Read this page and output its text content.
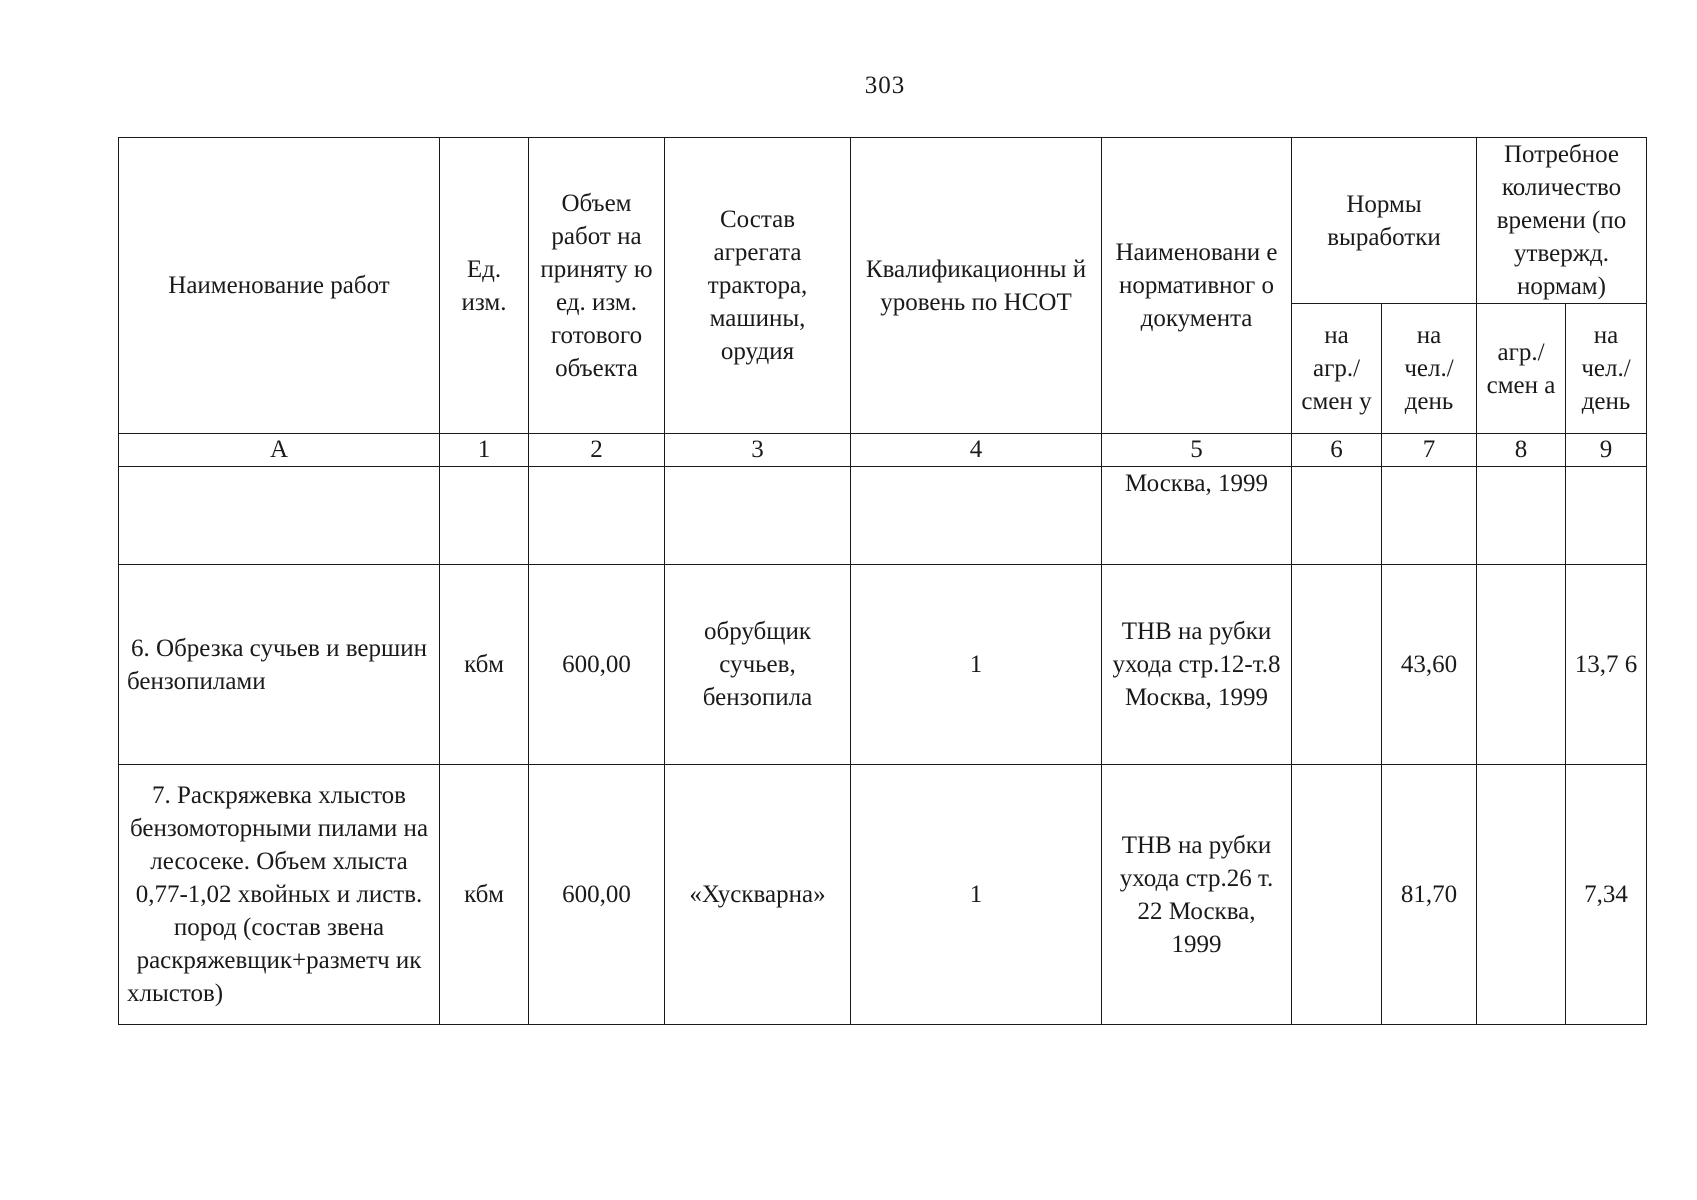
303
Наименование работ	Ед. изм.	Объем работ на приняту ю ед. изм. готового объекта	Состав агрегата трактора, машины, орудия	Квалификационны й уровень по НСОТ	Наименовани е нормативног о документа	Нормы выработки		Потребное количество времени (по утвержд. нормам)	
						на агр./ смен у	на чел./ день	агр./ смен а	на чел./ день
А	1	2	3	4	5	6	7	8	9
					Москва, 1999				
6. Обрезка сучьев и вершин бензопилами	кбм	600,00	обрубщик сучьев, бензопила	1	ТНВ на рубки ухода стр.12-т.8 Москва, 1999		43,60		13,7 6
7. Раскряжевка хлыстов бензомоторными пилами на лесосеке. Объем хлыста 0,77-1,02 хвойных и листв. пород (состав звена раскряжевщик+разметч ик хлыстов)	кбм	600,00	«Хускварна»	1	ТНВ на рубки ухода стр.26 т. 22 Москва, 1999		81,70		7,34
